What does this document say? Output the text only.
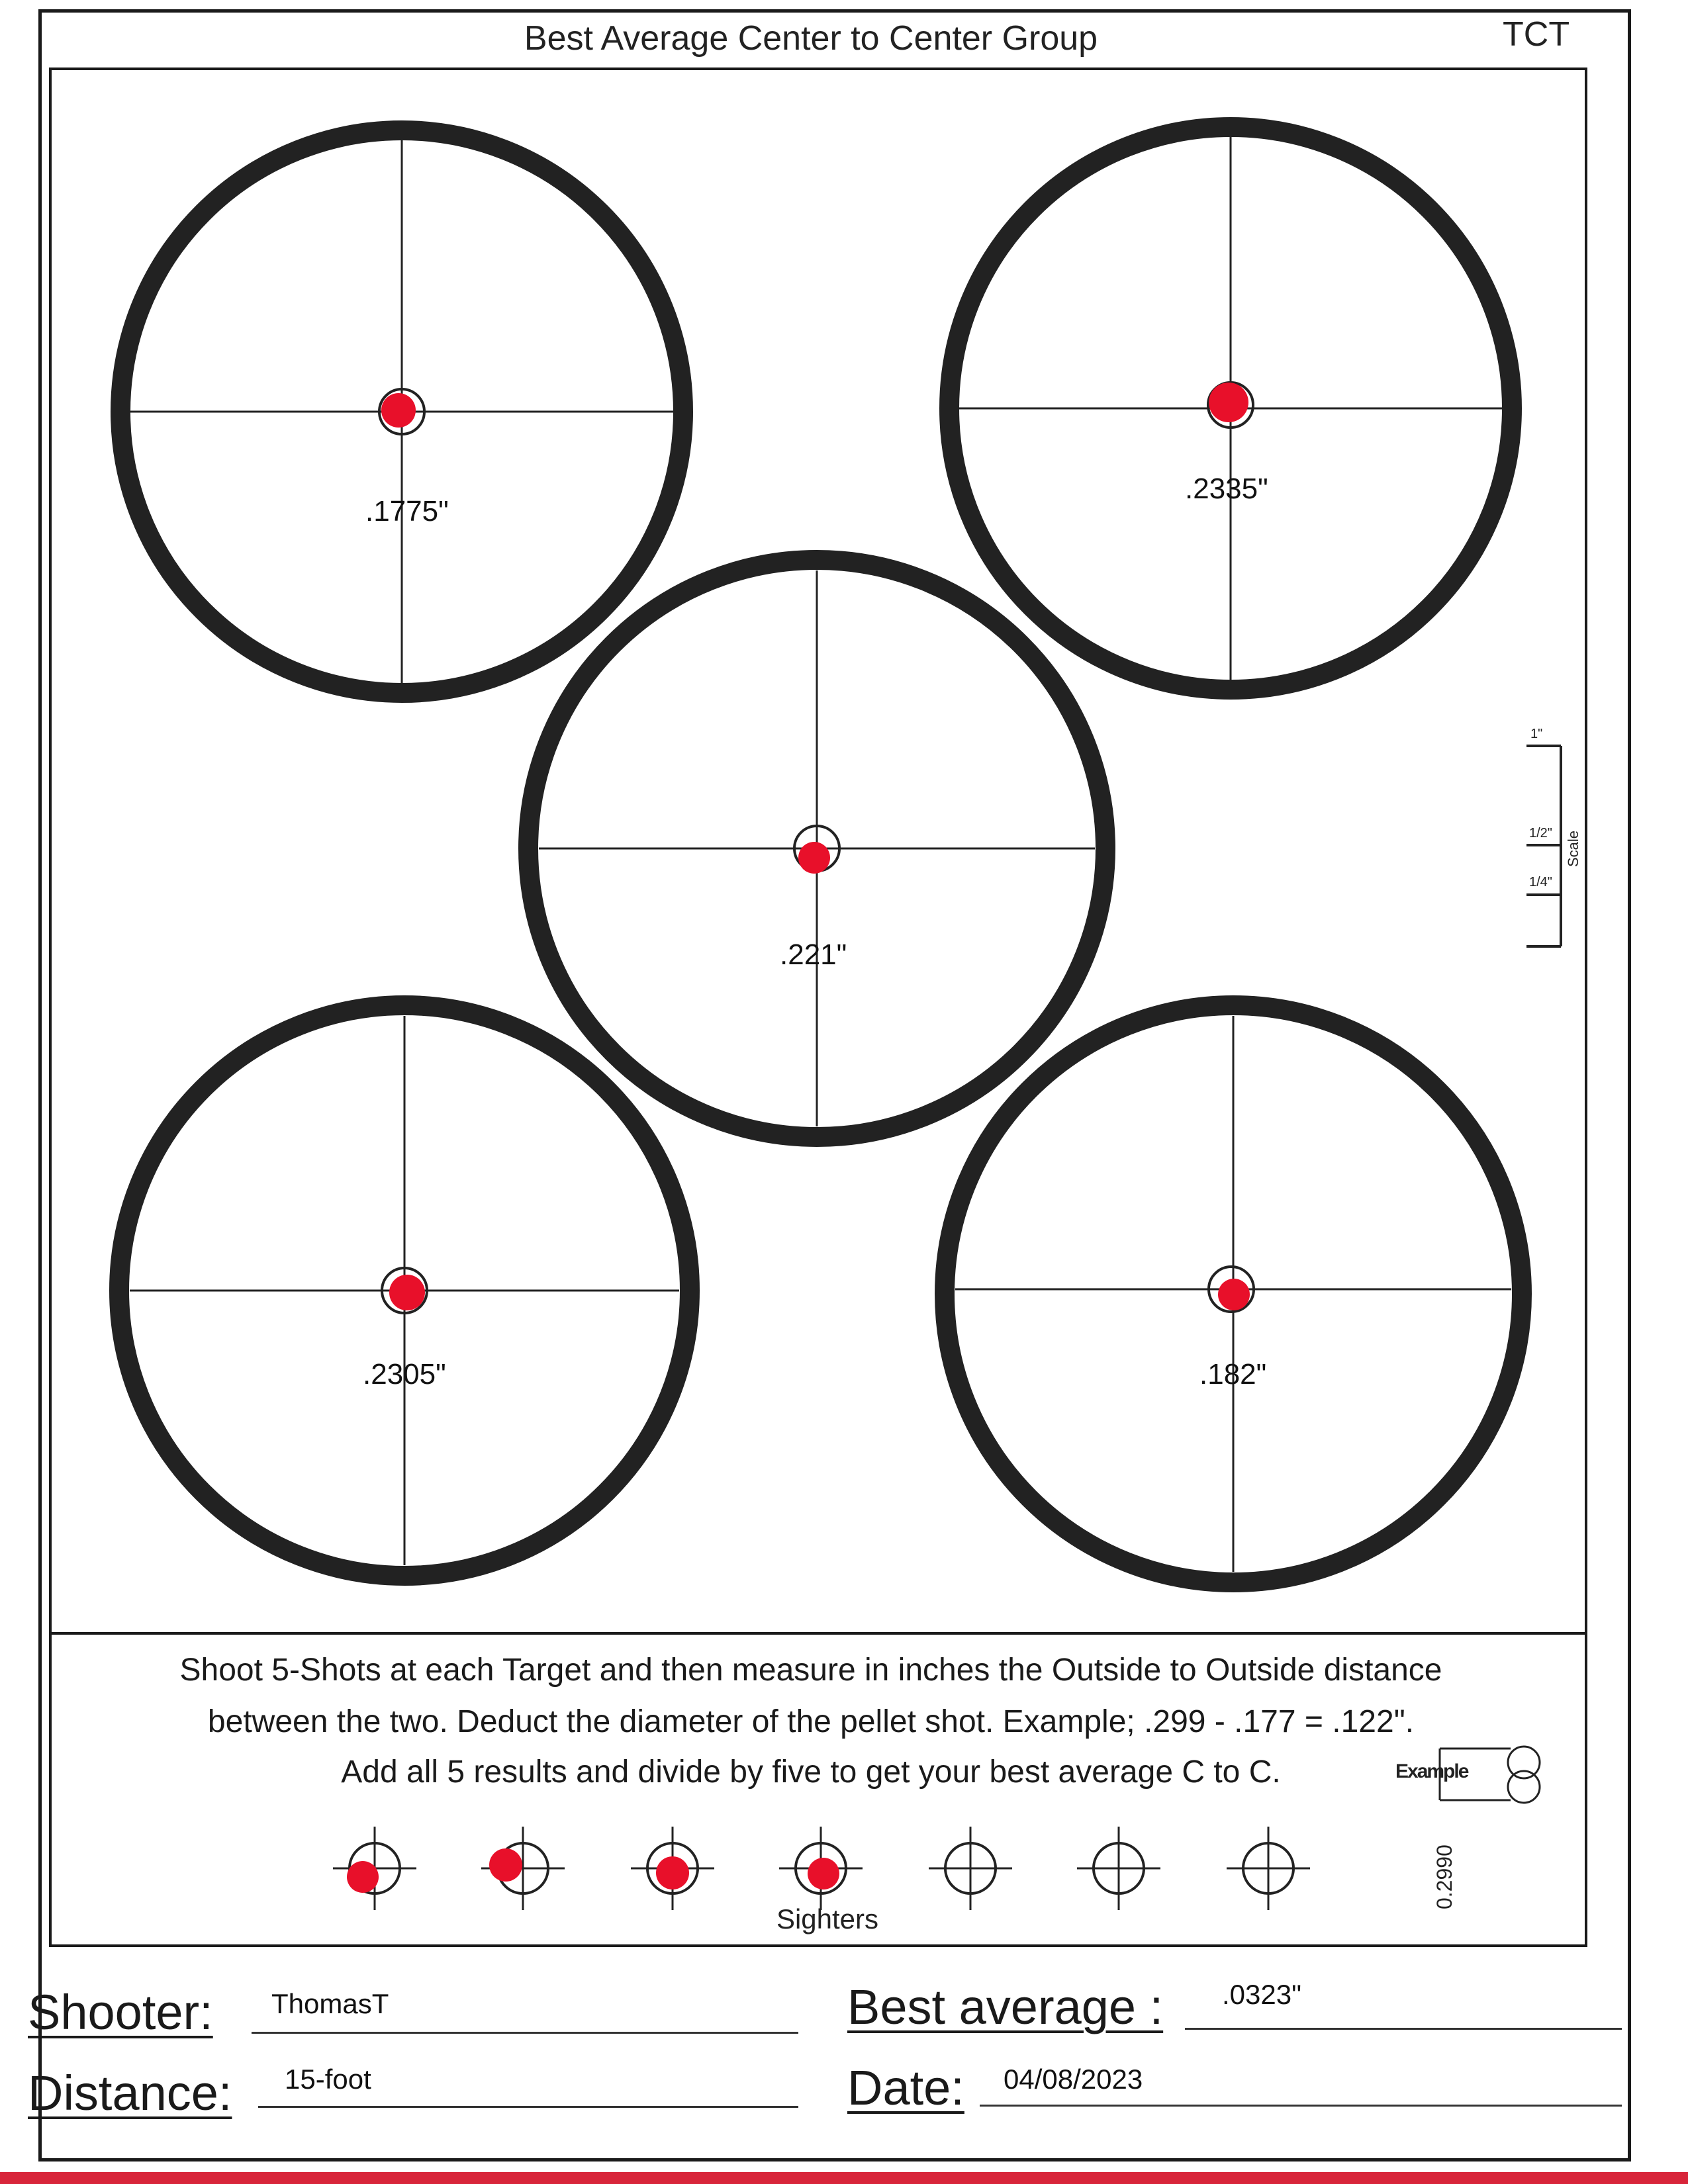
Best Average Center to Center Group	TCT
.1775"
.2335"
.221"
.2305"	.182"
1"
1/2"
1/4"
Scale
Shoot 5-Shots at each Target and then measure in inches the Outside to Outside distance
between the two. Deduct the diameter of the pellet shot. Example; .299 - .177 = .122".
Add all 5 results and divide by five to get your best average C to C.	Example
0.2990
Sighters
Shooter: ThomasT
Distance: 15-foot
Best average : .0323"
Date: 04/08/2023
